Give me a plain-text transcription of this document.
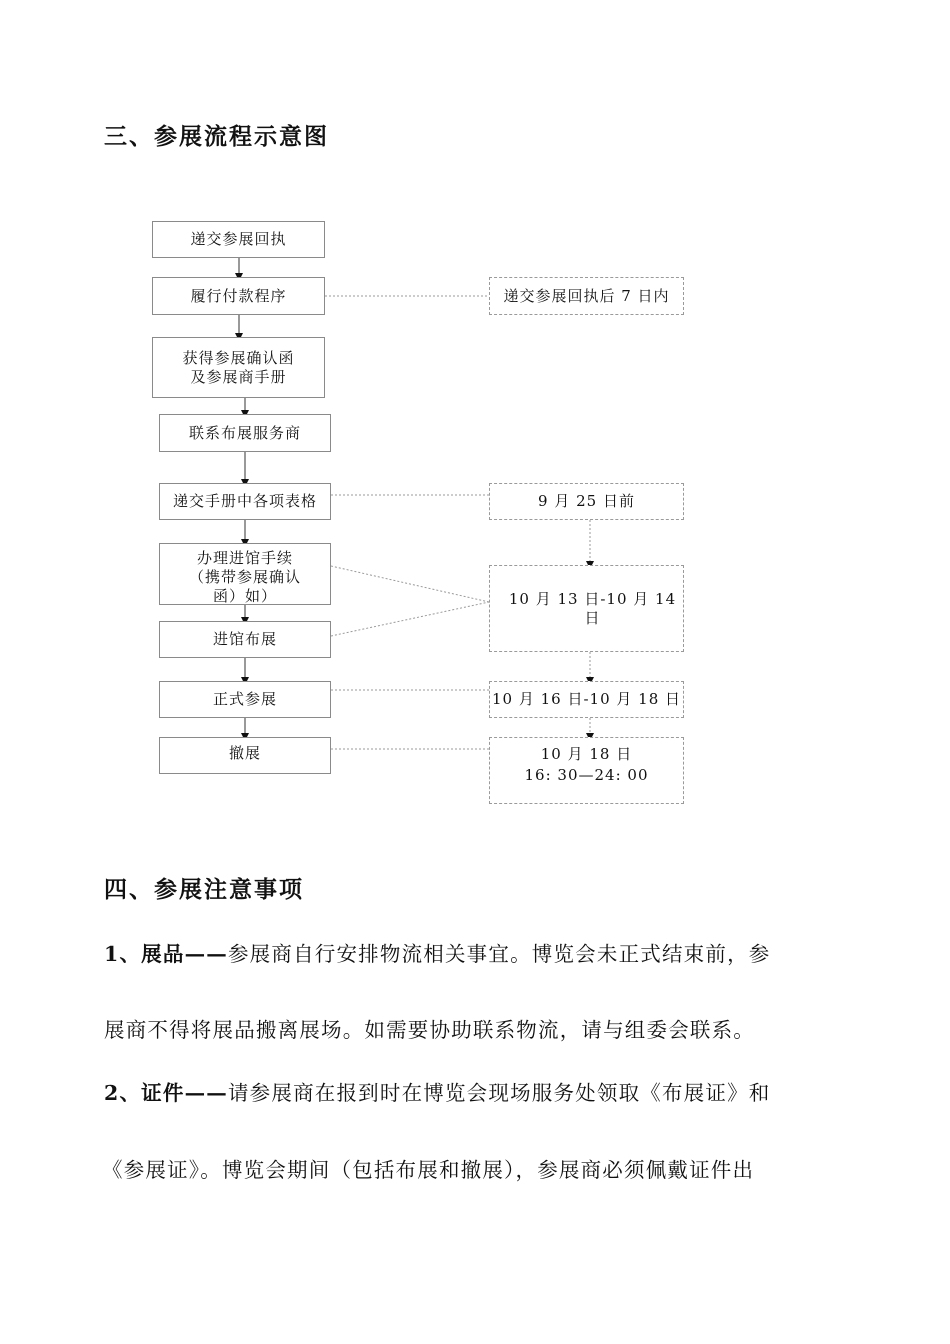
三、参展流程示意图
递交参展回执
履行付款程序
获得参展确认函
及参展商手册
联系布展服务商
递交手册中各项表格
办理进馆手续
（携带参展确认
函）如）
进馆布展
正式参展
撤展
递交参展回执后 7 日内
9 月 25 日前
10 月 13 日-10 月 14 日
10 月 16 日-10 月 18 日
10 月 18 日
16: 30—24: 00
四、参展注意事项
1、展品——参展商自行安排物流相关事宜。博览会未正式结束前，参
展商不得将展品搬离展场。如需要协助联系物流，请与组委会联系。
2、证件——请参展商在报到时在博览会现场服务处领取《布展证》和
《参展证》。博览会期间（包括布展和撤展），参展商必须佩戴证件出
